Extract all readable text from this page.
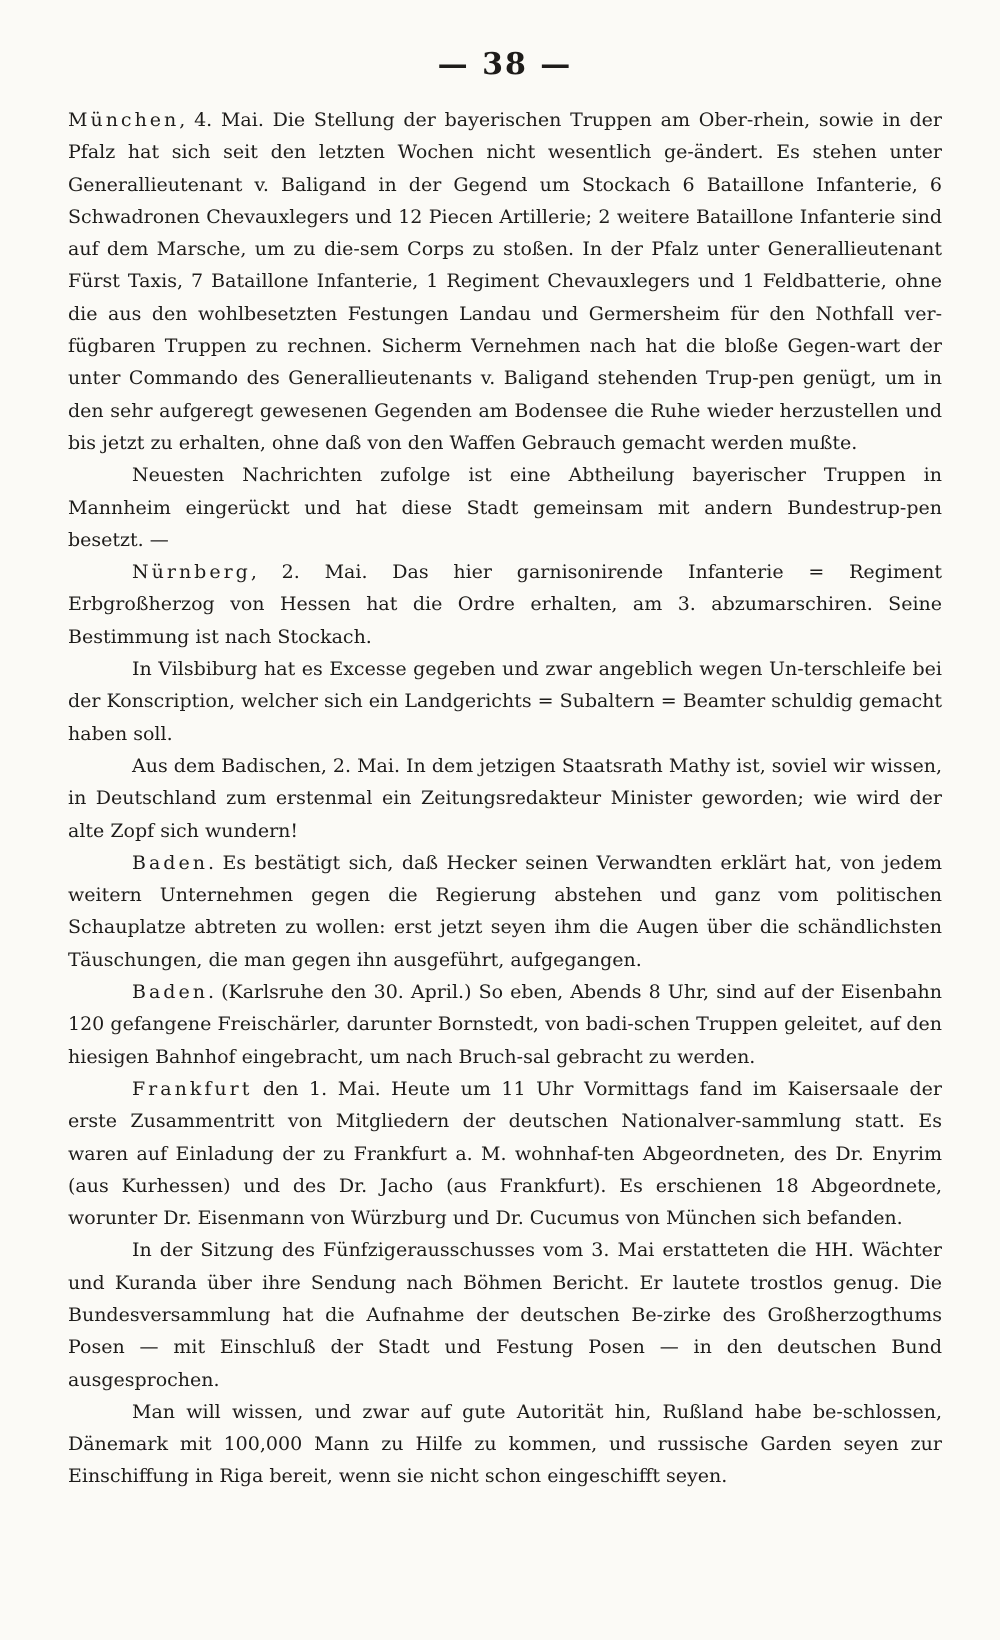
— 38 —

München, 4. Mai. Die Stellung der bayerischen Truppen am Ober-rhein, sowie in der Pfalz hat sich seit den letzten Wochen nicht wesentlich ge-ändert. Es stehen unter Generallieutenant v. Baligand in der Gegend um Stockach 6 Bataillone Infanterie, 6 Schwadronen Chevauxlegers und 12 Piecen Artillerie; 2 weitere Bataillone Infanterie sind auf dem Marsche, um zu die-sem Corps zu stoßen. In der Pfalz unter Generallieutenant Fürst Taxis, 7 Bataillone Infanterie, 1 Regiment Chevauxlegers und 1 Feldbatterie, ohne die aus den wohlbesetzten Festungen Landau und Germersheim für den Nothfall ver-fügbaren Truppen zu rechnen. Sicherm Vernehmen nach hat die bloße Gegen-wart der unter Commando des Generallieutenants v. Baligand stehenden Trup-pen genügt, um in den sehr aufgeregt gewesenen Gegenden am Bodensee die Ruhe wieder herzustellen und bis jetzt zu erhalten, ohne daß von den Waffen Gebrauch gemacht werden mußte.

Neuesten Nachrichten zufolge ist eine Abtheilung bayerischer Truppen in Mannheim eingerückt und hat diese Stadt gemeinsam mit andern Bundestrup-pen besetzt. —

Nürnberg, 2. Mai. Das hier garnisonirende Infanterie = Regiment Erbgroßherzog von Hessen hat die Ordre erhalten, am 3. abzumarschiren. Seine Bestimmung ist nach Stockach.

In Vilsbiburg hat es Excesse gegeben und zwar angeblich wegen Un-terschleife bei der Konscription, welcher sich ein Landgerichts = Subaltern = Beamter schuldig gemacht haben soll.

Aus dem Badischen, 2. Mai. In dem jetzigen Staatsrath Mathy ist, soviel wir wissen, in Deutschland zum erstenmal ein Zeitungsredakteur Minister geworden; wie wird der alte Zopf sich wundern!

Baden. Es bestätigt sich, daß Hecker seinen Verwandten erklärt hat, von jedem weitern Unternehmen gegen die Regierung abstehen und ganz vom politischen Schauplatze abtreten zu wollen: erst jetzt seyen ihm die Augen über die schändlichsten Täuschungen, die man gegen ihn ausgeführt, aufgegangen.

Baden. (Karlsruhe den 30. April.) So eben, Abends 8 Uhr, sind auf der Eisenbahn 120 gefangene Freischärler, darunter Bornstedt, von badi-schen Truppen geleitet, auf den hiesigen Bahnhof eingebracht, um nach Bruch-sal gebracht zu werden.

Frankfurt den 1. Mai. Heute um 11 Uhr Vormittags fand im Kaisersaale der erste Zusammentritt von Mitgliedern der deutschen Nationalver-sammlung statt. Es waren auf Einladung der zu Frankfurt a. M. wohnhaf-ten Abgeordneten, des Dr. Enyrim (aus Kurhessen) und des Dr. Jacho (aus Frankfurt). Es erschienen 18 Abgeordnete, worunter Dr. Eisenmann von Würzburg und Dr. Cucumus von München sich befanden.

In der Sitzung des Fünfzigerausschusses vom 3. Mai erstatteten die HH. Wächter und Kuranda über ihre Sendung nach Böhmen Bericht. Er lautete trostlos genug. Die Bundesversammlung hat die Aufnahme der deutschen Be-zirke des Großherzogthums Posen — mit Einschluß der Stadt und Festung Posen — in den deutschen Bund ausgesprochen.

Man will wissen, und zwar auf gute Autorität hin, Rußland habe be-schlossen, Dänemark mit 100,000 Mann zu Hilfe zu kommen, und russische Garden seyen zur Einschiffung in Riga bereit, wenn sie nicht schon eingeschifft seyen.
